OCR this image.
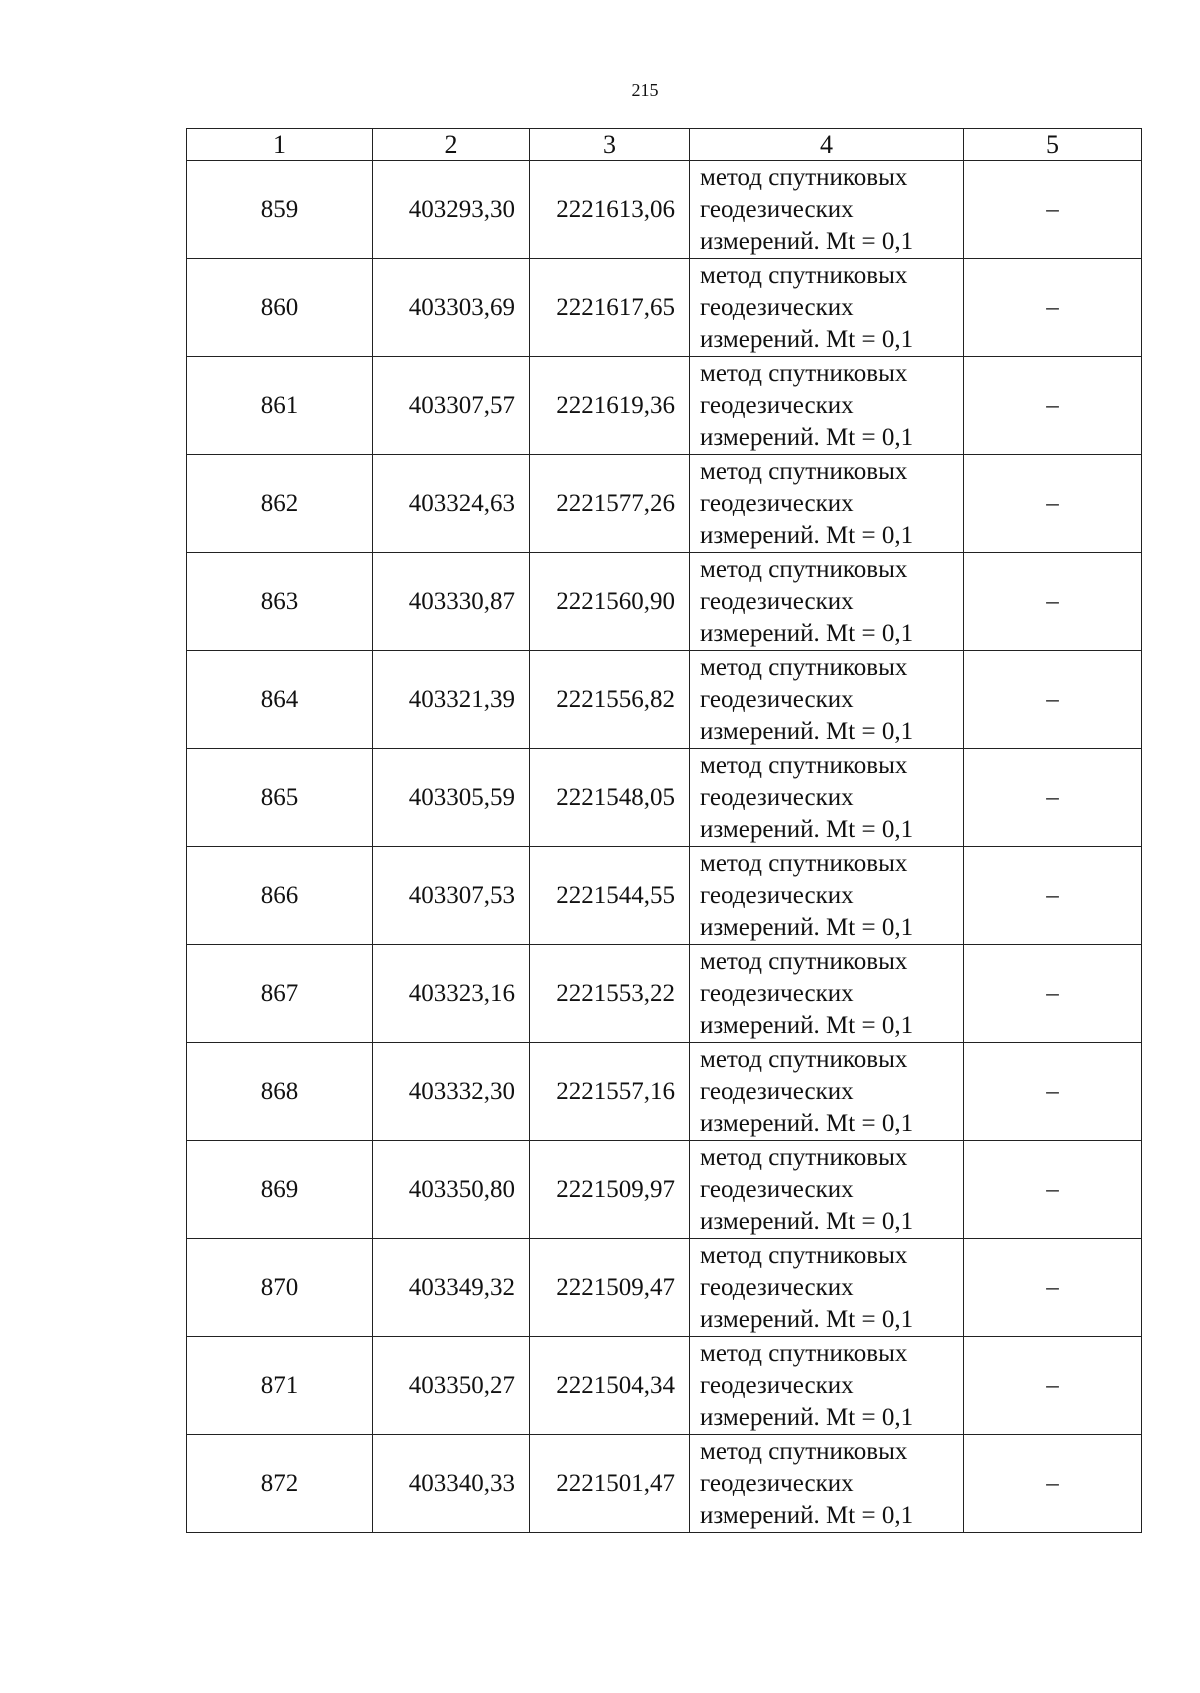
215
1	2	3	4	5
859	403293,30	2221613,06	метод спутниковых
геодезических
измерений. Mt = 0,1	–
860	403303,69	2221617,65	метод спутниковых
геодезических
измерений. Mt = 0,1	–
861	403307,57	2221619,36	метод спутниковых
геодезических
измерений. Mt = 0,1	–
862	403324,63	2221577,26	метод спутниковых
геодезических
измерений. Mt = 0,1	–
863	403330,87	2221560,90	метод спутниковых
геодезических
измерений. Mt = 0,1	–
864	403321,39	2221556,82	метод спутниковых
геодезических
измерений. Mt = 0,1	–
865	403305,59	2221548,05	метод спутниковых
геодезических
измерений. Mt = 0,1	–
866	403307,53	2221544,55	метод спутниковых
геодезических
измерений. Mt = 0,1	–
867	403323,16	2221553,22	метод спутниковых
геодезических
измерений. Mt = 0,1	–
868	403332,30	2221557,16	метод спутниковых
геодезических
измерений. Mt = 0,1	–
869	403350,80	2221509,97	метод спутниковых
геодезических
измерений. Mt = 0,1	–
870	403349,32	2221509,47	метод спутниковых
геодезических
измерений. Mt = 0,1	–
871	403350,27	2221504,34	метод спутниковых
геодезических
измерений. Mt = 0,1	–
872	403340,33	2221501,47	метод спутниковых
геодезических
измерений. Mt = 0,1	–
